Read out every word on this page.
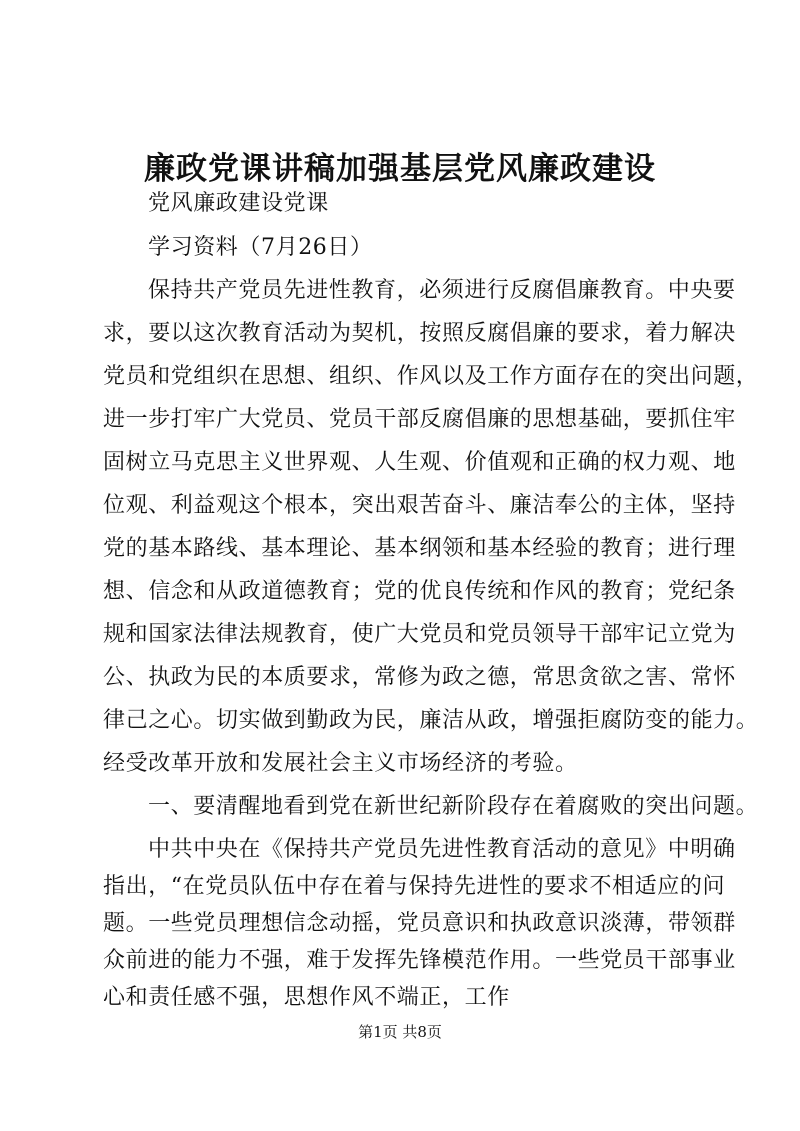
廉政党课讲稿加强基层党风廉政建设
党风廉政建设党课
学习资料（7月26日）
保持共产党员先进性教育，必须进行反腐倡廉教育。中央要
求，要以这次教育活动为契机，按照反腐倡廉的要求，着力解决
党员和党组织在思想、组织、作风以及工作方面存在的突出问题，
进一步打牢广大党员、党员干部反腐倡廉的思想基础，要抓住牢
固树立马克思主义世界观、人生观、价值观和正确的权力观、地
位观、利益观这个根本，突出艰苦奋斗、廉洁奉公的主体，坚持
党的基本路线、基本理论、基本纲领和基本经验的教育；进行理
想、信念和从政道德教育；党的优良传统和作风的教育；党纪条
规和国家法律法规教育，使广大党员和党员领导干部牢记立党为
公、执政为民的本质要求，常修为政之德，常思贪欲之害、常怀
律己之心。切实做到勤政为民，廉洁从政，增强拒腐防变的能力。
经受改革开放和发展社会主义市场经济的考验。
一、要清醒地看到党在新世纪新阶段存在着腐败的突出问题。
中共中央在《保持共产党员先进性教育活动的意见》中明确
指出，“在党员队伍中存在着与保持先进性的要求不相适应的问
题。一些党员理想信念动摇，党员意识和执政意识淡薄，带领群
众前进的能力不强，难于发挥先锋模范作用。一些党员干部事业
心和责任感不强，思想作风不端正，工作
第1页 共8页
